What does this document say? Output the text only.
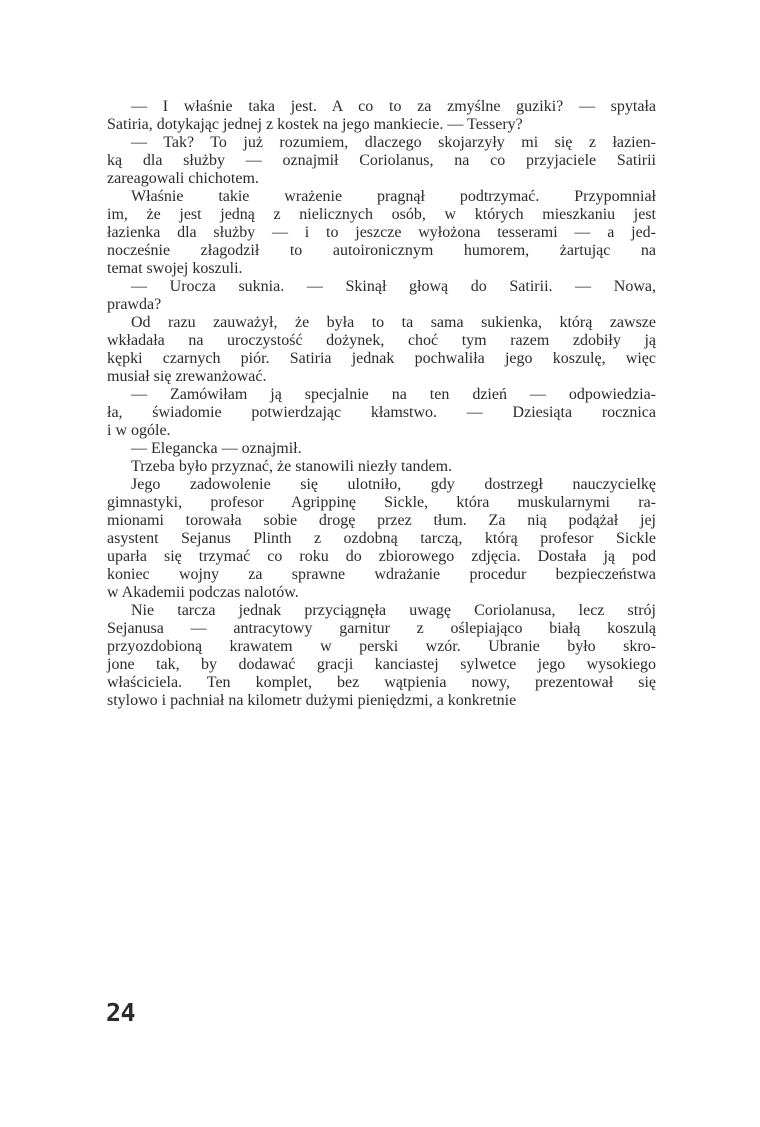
— I właśnie taka jest. A co to za zmyślne guziki? — spytała
Satiria, dotykając jednej z kostek na jego mankiecie. — Tessery?
— Tak? To już rozumiem, dlaczego skojarzyły mi się z łazien-
ką dla służby — oznajmił Coriolanus, na co przyjaciele Satirii
zareagowali chichotem.
Właśnie takie wrażenie pragnął podtrzymać. Przypomniał
im, że jest jedną z nielicznych osób, w których mieszkaniu jest
łazienka dla służby — i to jeszcze wyłożona tesserami — a jed-
nocześnie złagodził to autoironicznym humorem, żartując na
temat swojej koszuli.
— Urocza suknia. — Skinął głową do Satirii. — Nowa,
prawda?
Od razu zauważył, że była to ta sama sukienka, którą zawsze
wkładała na uroczystość dożynek, choć tym razem zdobiły ją
kępki czarnych piór. Satiria jednak pochwaliła jego koszulę, więc
musiał się zrewanżować.
— Zamówiłam ją specjalnie na ten dzień — odpowiedzia-
ła, świadomie potwierdzając kłamstwo. — Dziesiąta rocznica
i w ogóle.
— Elegancka — oznajmił.
Trzeba było przyznać, że stanowili niezły tandem.
Jego zadowolenie się ulotniło, gdy dostrzegł nauczycielkę
gimnastyki, profesor Agrippinę Sickle, która muskularnymi ra-
mionami torowała sobie drogę przez tłum. Za nią podążał jej
asystent Sejanus Plinth z ozdobną tarczą, którą profesor Sickle
uparła się trzymać co roku do zbiorowego zdjęcia. Dostała ją pod
koniec wojny za sprawne wdrażanie procedur bezpieczeństwa
w Akademii podczas nalotów.
Nie tarcza jednak przyciągnęła uwagę Coriolanusa, lecz strój
Sejanusa — antracytowy garnitur z oślepiająco białą koszulą
przyozdobioną krawatem w perski wzór. Ubranie było skro-
jone tak, by dodawać gracji kanciastej sylwetce jego wysokiego
właściciela. Ten komplet, bez wątpienia nowy, prezentował się
stylowo i pachniał na kilometr dużymi pieniędzmi, a konkretnie
24
